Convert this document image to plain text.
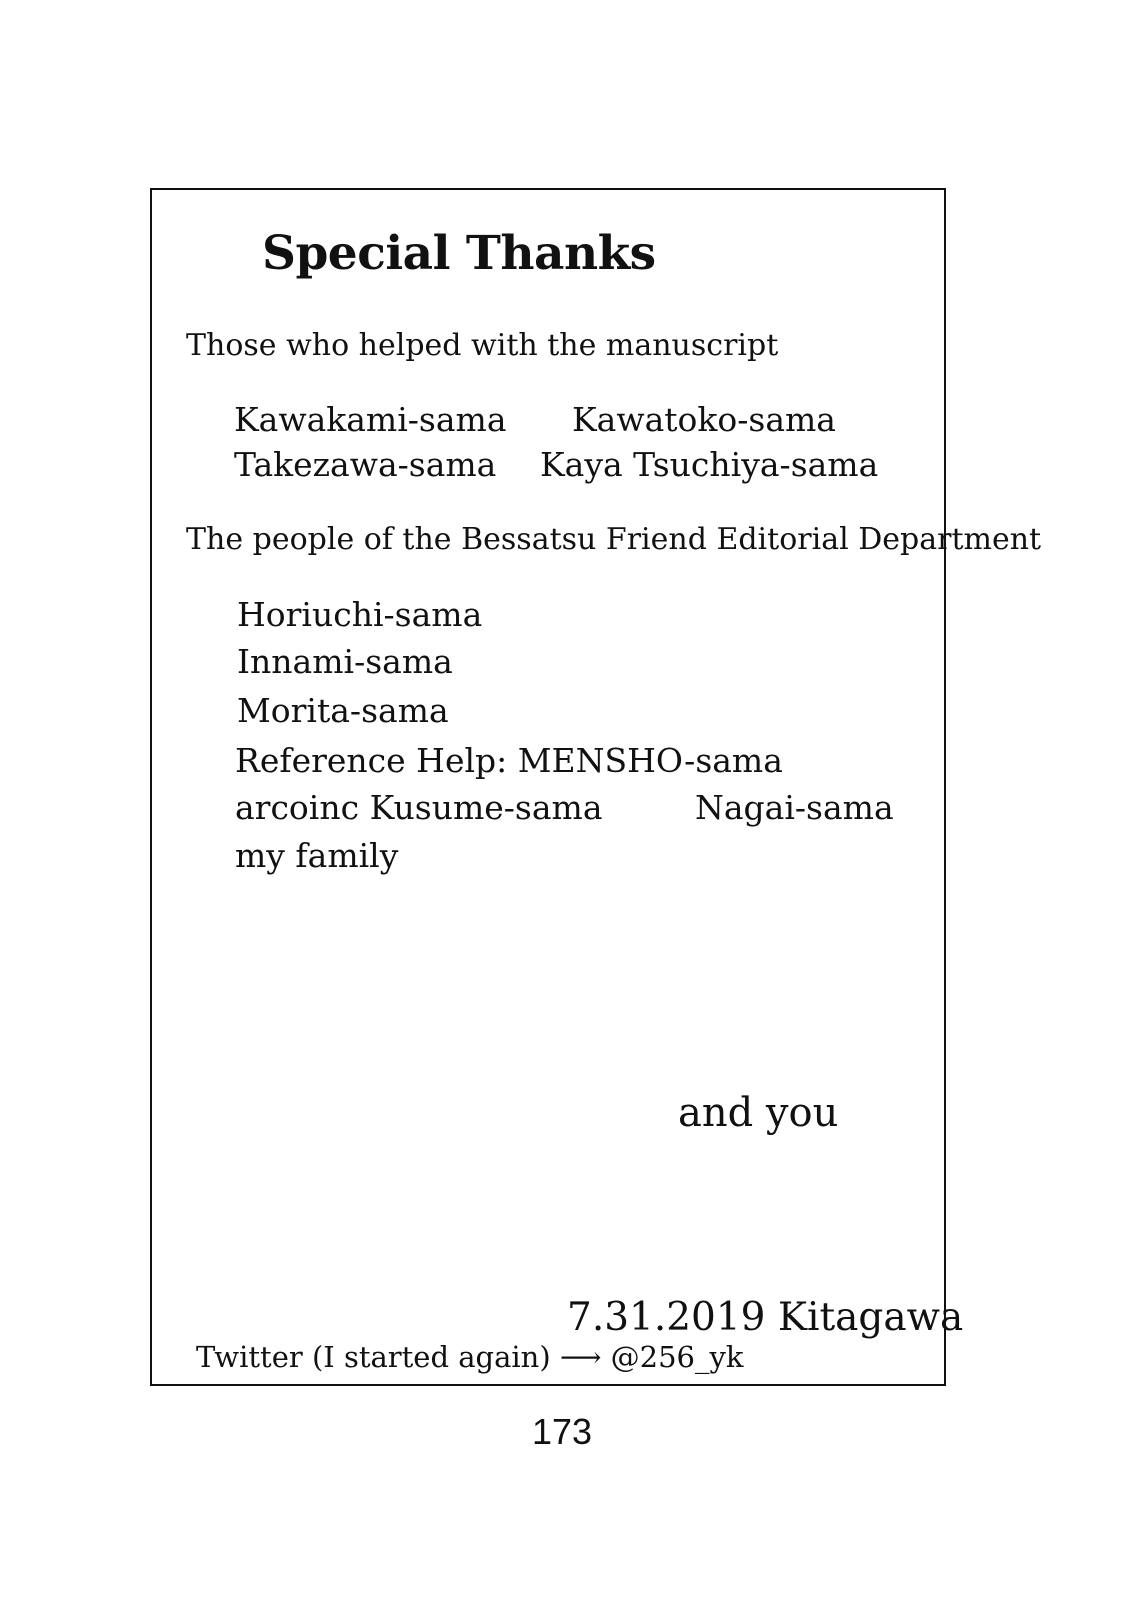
Special Thanks
Those who helped with the manuscript
Kawakami-sama Kawatoko-sama
Takezawa-sama Kaya Tsuchiya-sama
The people of the Bessatsu Friend Editorial Department
Horiuchi-sama
Innami-sama
Morita-sama
Reference Help: MENSHO-sama
arcoinc Kusume-sama	Nagai-sama
my family
and you
7.31.2019 Kitagawa
Twitter (I started again) ⟶ @256_yk
173
